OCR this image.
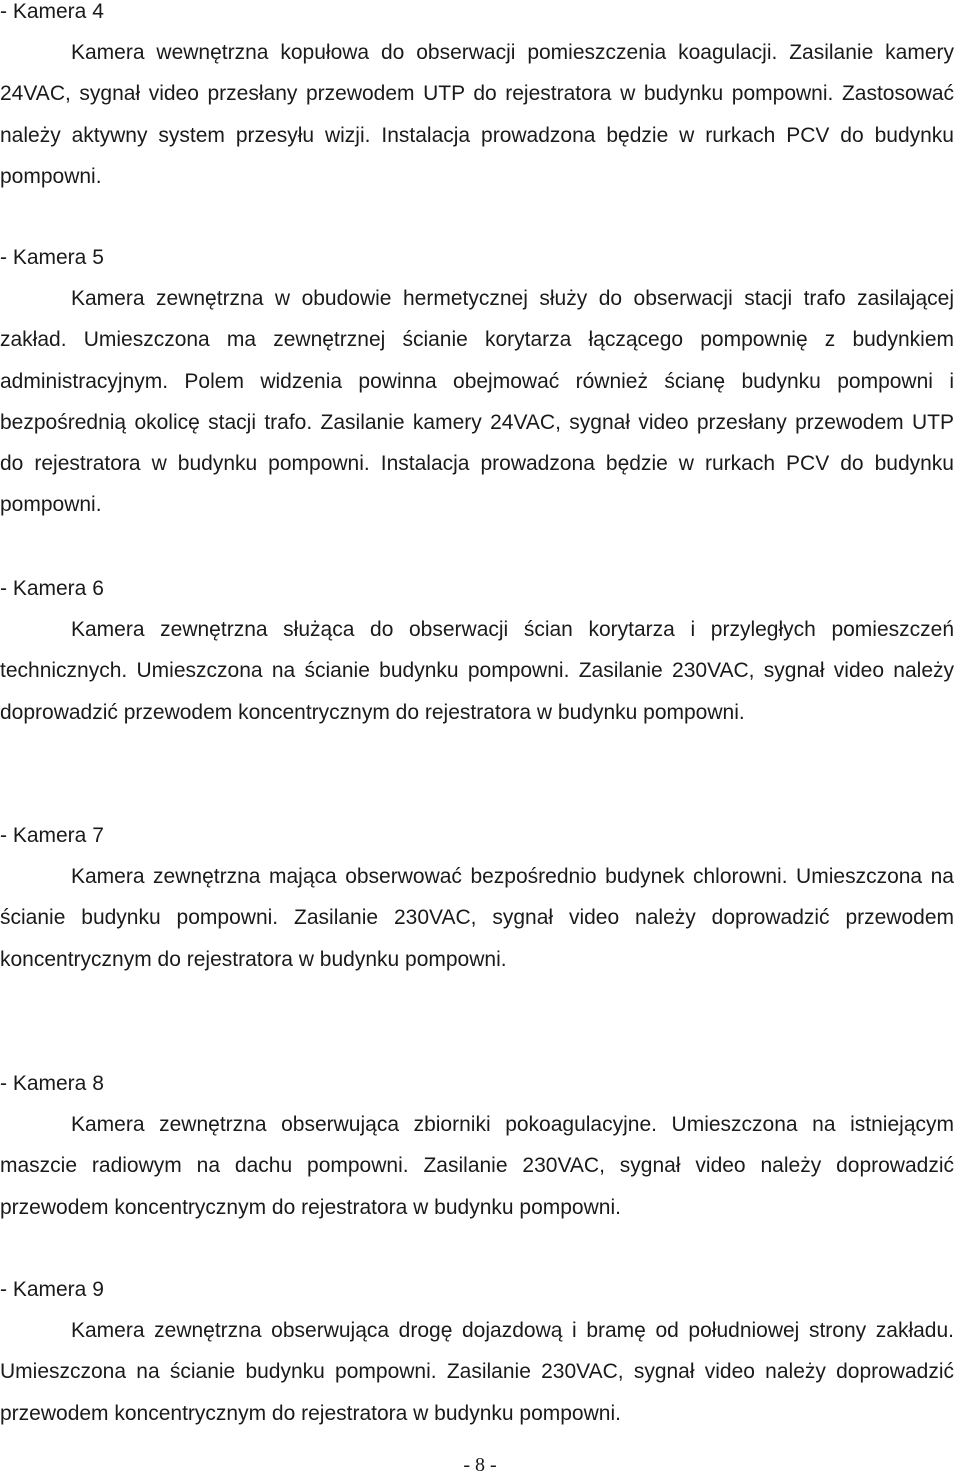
- Kamera 4

Kamera wewnętrzna kopułowa do obserwacji pomieszczenia koagulacji. Zasilanie kamery 24VAC, sygnał video przesłany przewodem UTP do rejestratora w budynku pompowni. Zastosować należy aktywny system przesyłu wizji. Instalacja prowadzona będzie w rurkach PCV do budynku pompowni.

- Kamera 5

Kamera zewnętrzna w obudowie hermetycznej służy do obserwacji stacji trafo zasilającej zakład. Umieszczona ma zewnętrznej ścianie korytarza łączącego pompownię z budynkiem administracyjnym. Polem widzenia powinna obejmować również ścianę budynku pompowni i bezpośrednią okolicę stacji trafo. Zasilanie kamery 24VAC, sygnał video przesłany przewodem UTP do rejestratora w budynku pompowni. Instalacja prowadzona będzie w rurkach PCV do budynku pompowni.

- Kamera 6

Kamera zewnętrzna służąca do obserwacji ścian korytarza i przyległych pomieszczeń technicznych. Umieszczona na ścianie budynku pompowni. Zasilanie 230VAC, sygnał video należy doprowadzić przewodem koncentrycznym do rejestratora w budynku pompowni.

- Kamera 7

Kamera zewnętrzna mająca obserwować bezpośrednio budynek chlorowni. Umieszczona na ścianie budynku pompowni. Zasilanie 230VAC, sygnał video należy doprowadzić przewodem koncentrycznym do rejestratora w budynku pompowni.

- Kamera 8

Kamera zewnętrzna obserwująca zbiorniki pokoagulacyjne. Umieszczona na istniejącym maszcie radiowym na dachu pompowni. Zasilanie 230VAC, sygnał video należy doprowadzić przewodem koncentrycznym do rejestratora w budynku pompowni.

- Kamera 9

Kamera zewnętrzna obserwująca drogę dojazdową i bramę od południowej strony zakładu. Umieszczona na ścianie budynku pompowni. Zasilanie 230VAC, sygnał video należy doprowadzić przewodem koncentrycznym do rejestratora w budynku pompowni.

- 8 -
